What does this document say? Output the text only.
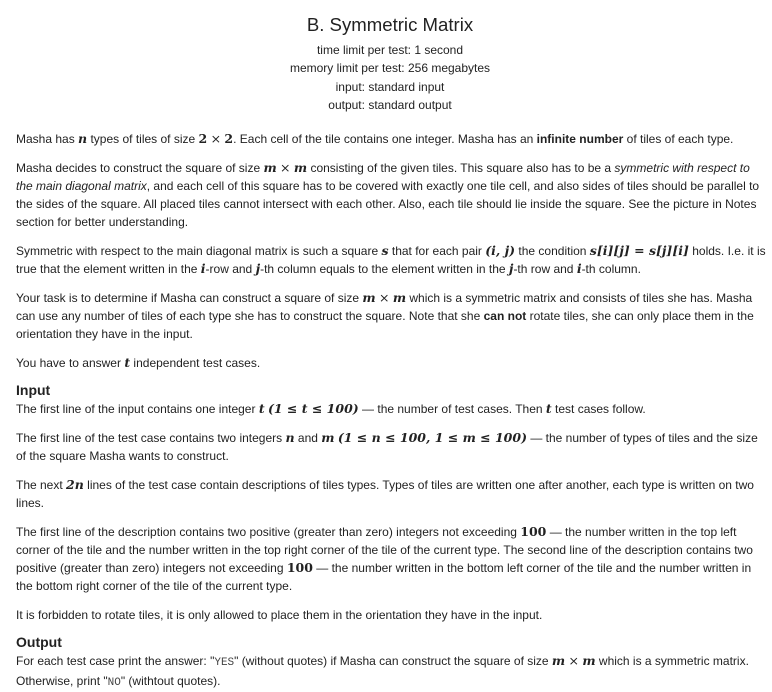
B. Symmetric Matrix
time limit per test: 1 second
memory limit per test: 256 megabytes
input: standard input
output: standard output

Masha has n types of tiles of size 2 × 2. Each cell of the tile contains one integer. Masha has an infinite number of tiles of each type.

Masha decides to construct the square of size m × m consisting of the given tiles. This square also has to be a symmetric with respect to the main diagonal matrix, and each cell of this square has to be covered with exactly one tile cell, and also sides of tiles should be parallel to the sides of the square. All placed tiles cannot intersect with each other. Also, each tile should lie inside the square. See the picture in Notes section for better understanding.

Symmetric with respect to the main diagonal matrix is such a square s that for each pair (i, j) the condition s[i][j] = s[j][i] holds. I.e. it is true that the element written in the i-row and j-th column equals to the element written in the j-th row and i-th column.

Your task is to determine if Masha can construct a square of size m × m which is a symmetric matrix and consists of tiles she has. Masha can use any number of tiles of each type she has to construct the square. Note that she can not rotate tiles, she can only place them in the orientation they have in the input.

You have to answer t independent test cases.

Input

The first line of the input contains one integer t (1 ≤ t ≤ 100) — the number of test cases. Then t test cases follow.

The first line of the test case contains two integers n and m (1 ≤ n ≤ 100, 1 ≤ m ≤ 100) — the number of types of tiles and the size of the square Masha wants to construct.

The next 2n lines of the test case contain descriptions of tiles types. Types of tiles are written one after another, each type is written on two lines.

The first line of the description contains two positive (greater than zero) integers not exceeding 100 — the number written in the top left corner of the tile and the number written in the top right corner of the tile of the current type. The second line of the description contains two positive (greater than zero) integers not exceeding 100 — the number written in the bottom left corner of the tile and the number written in the bottom right corner of the tile of the current type.

It is forbidden to rotate tiles, it is only allowed to place them in the orientation they have in the input.

Output

For each test case print the answer: "YES" (without quotes) if Masha can construct the square of size m × m which is a symmetric matrix. Otherwise, print "NO" (withtout quotes).
